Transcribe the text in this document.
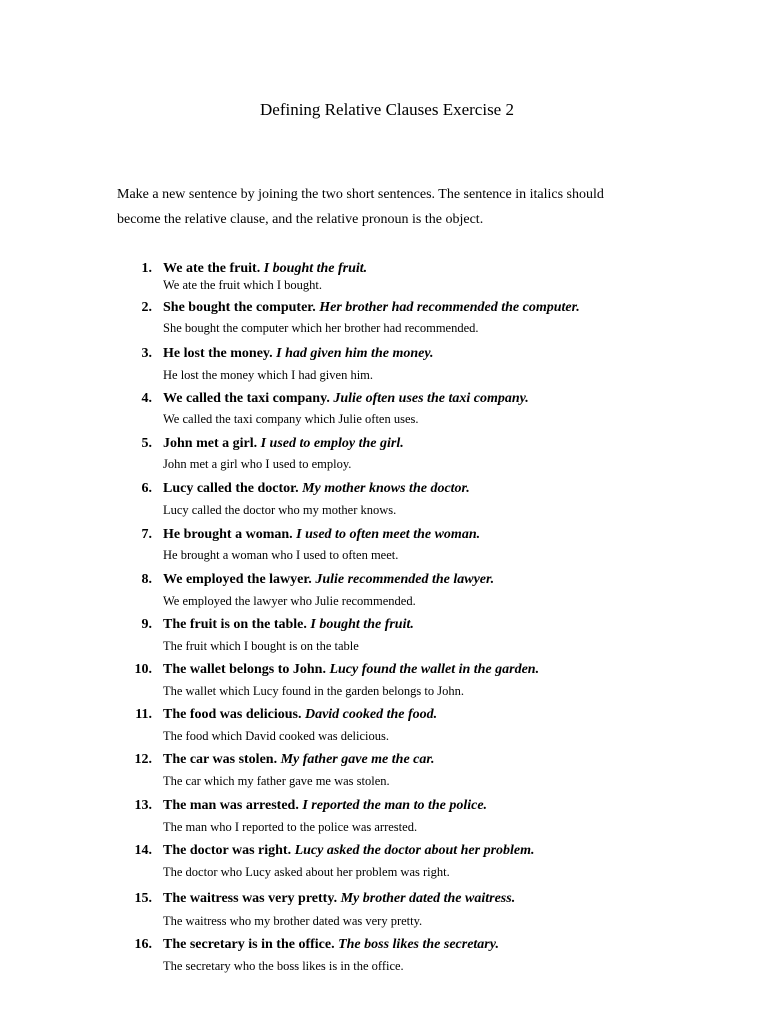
Defining Relative Clauses Exercise 2
Make a new sentence by joining the two short sentences. The sentence in italics should become the relative clause, and the relative pronoun is the object.
1. We ate the fruit. I bought the fruit.
We ate the fruit which I bought.
2. She bought the computer. Her brother had recommended the computer.
She bought the computer which her brother had recommended.
3. He lost the money. I had given him the money.
He lost the money which I had given him.
4. We called the taxi company. Julie often uses the taxi company.
We called the taxi company which Julie often uses.
5. John met a girl. I used to employ the girl.
John met a girl who I used to employ.
6. Lucy called the doctor. My mother knows the doctor.
Lucy called the doctor who my mother knows.
7. He brought a woman. I used to often meet the woman.
He brought a woman who I used to often meet.
8. We employed the lawyer. Julie recommended the lawyer.
We employed the lawyer who Julie recommended.
9. The fruit is on the table. I bought the fruit.
The fruit which I bought is on the table
10. The wallet belongs to John. Lucy found the wallet in the garden.
The wallet which Lucy found in the garden belongs to John.
11. The food was delicious. David cooked the food.
The food which David cooked was delicious.
12. The car was stolen. My father gave me the car.
The car which my father gave me was stolen.
13. The man was arrested. I reported the man to the police.
The man who I reported to the police was arrested.
14. The doctor was right. Lucy asked the doctor about her problem.
The doctor who Lucy asked about her problem was right.
15. The waitress was very pretty. My brother dated the waitress.
The waitress who my brother dated was very pretty.
16. The secretary is in the office. The boss likes the secretary.
The secretary who the boss likes is in the office.
